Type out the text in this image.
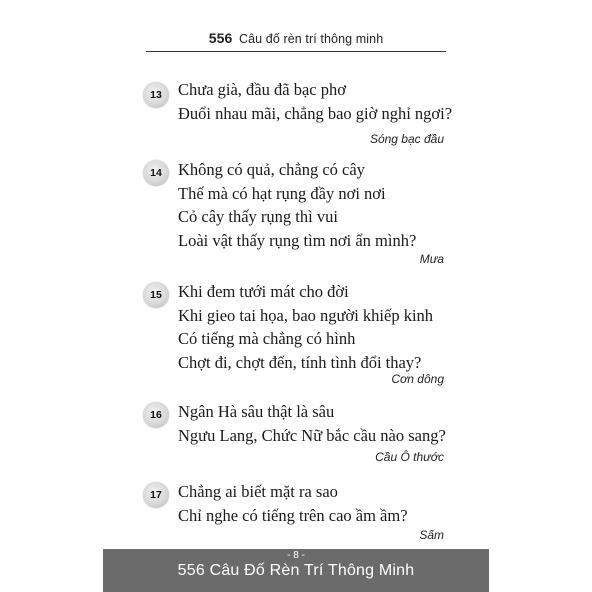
556 Câu đố rèn trí thông minh
13 Chưa già, đầu đã bạc phơ
Đuổi nhau mãi, chẳng bao giờ nghỉ ngơi?
Sóng bạc đầu
14 Không có quả, chẳng có cây
Thế mà có hạt rụng đầy nơi nơi
Cỏ cây thấy rụng thì vui
Loài vật thấy rụng tìm nơi ẩn mình?
Mưa
15 Khi đem tưới mát cho đời
Khi gieo tai họa, bao người khiếp kinh
Có tiếng mà chẳng có hình
Chợt đi, chợt đến, tính tình đổi thay?
Cơn dông
16 Ngân Hà sâu thật là sâu
Ngưu Lang, Chức Nữ bắc cầu nào sang?
Cầu Ô thước
17 Chẳng ai biết mặt ra sao
Chỉ nghe có tiếng trên cao ầm ầm?
Sấm
- 8 -
556 Câu Đố Rèn Trí Thông Minh
